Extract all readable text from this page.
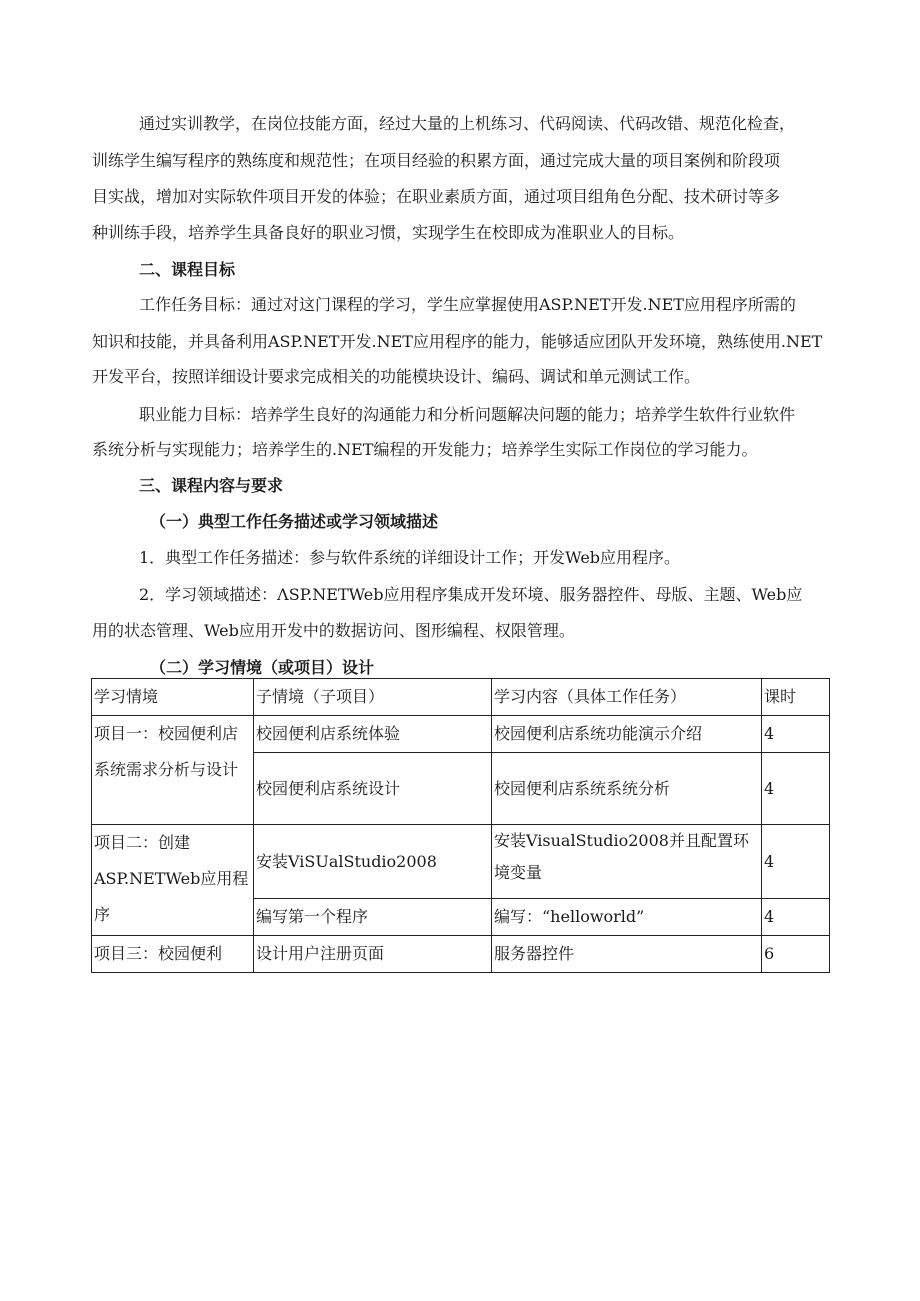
通过实训教学，在岗位技能方面，经过大量的上机练习、代码阅读、代码改错、规范化检查，
训练学生编写程序的熟练度和规范性；在项目经验的积累方面，通过完成大量的项目案例和阶段项
目实战，增加对实际软件项目开发的体验；在职业素质方面，通过项目组角色分配、技术研讨等多
种训练手段，培养学生具备良好的职业习惯，实现学生在校即成为准职业人的目标。
二、课程目标
工作任务目标：通过对这门课程的学习，学生应掌握使用ASP.NET开发.NET应用程序所需的
知识和技能，并具备利用ASP.NET开发.NET应用程序的能力，能够适应团队开发环境，熟练使用.NET
开发平台，按照详细设计要求完成相关的功能模块设计、编码、调试和单元测试工作。
职业能力目标：培养学生良好的沟通能力和分析问题解决问题的能力；培养学生软件行业软件
系统分析与实现能力；培养学生的.NET编程的开发能力；培养学生实际工作岗位的学习能力。
三、课程内容与要求
（一）典型工作任务描述或学习领域描述
1．典型工作任务描述：参与软件系统的详细设计工作；开发Web应用程序。
2．学习领域描述：ΛSP.NETWeb应用程序集成开发环境、服务器控件、母版、主题、Web应
用的状态管理、Web应用开发中的数据访问、图形编程、权限管理。
（二）学习情境（或项目）设计
学习情境	子情境（子项目）	学习内容（具体工作任务）	课时
项目一：校园便利店系统需求分析与设计	校园便利店系统体验	校园便利店系统功能演示介绍	4
	校园便利店系统设计	校园便利店系统系统分析	4
项目二：创建ASP.NETWeb应用程序	安装ViSUalStudio2008	安装VisualStudio2008并且配置环境变量	4
	编写第一个程序	编写：“helloworld”	4
项目三：校园便利	设计用户注册页面	服务器控件	6
